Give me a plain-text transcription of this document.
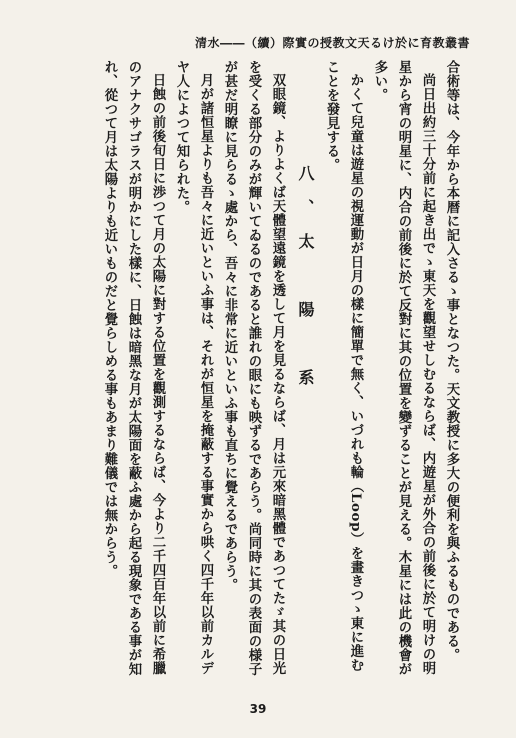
書叢教育に於ける天文教授の實際（續）――水清

合術等は、今年から本暦に記入さるゝ事となつた。天文教授に多大の便利を與ふるものである。

尚日出約三十分前に起き出でゝ東天を觀望せしむるならば、内遊星が外合の前後に於て明けの明星から宵の明星に、内合の前後に於て反對に其の位置を變ずることが見える。木星には此の機會が多い。

かくて兒童は遊星の視運動が日月の樣に簡單で無く、いづれも輪（Loop）を畫きつゝ東に進むことを發見する。

八、太　陽　系

双眼鏡、よりよくば天體望遠鏡を透して月を見るならば、月は元來暗黑體であつてたゞ其の日光を受くる部分のみが輝いてゐるのであると誰れの眼にも映ずるであらう。尚同時に其の表面の様子が甚だ明瞭に見らるゝ處から、吾々に非常に近いといふ事も直ちに覺えるであらう。

月が諸恒星よりも吾々に近いといふ事は、それが恒星を掩蔽する事實から哄く四千年以前カルデヤ人によつて知られた。

日蝕の前後旬日に渉つて月の太陽に對する位置を觀測するならば、今より二千四百年以前に希臘のアナクサゴラスが明かにした樣に、日蝕は暗黑な月が太陽面を蔽ふ處から起る現象である事が知れ、從つて月は太陽よりも近いものだと覺らしめる事もあまり難儀では無からう。

39
